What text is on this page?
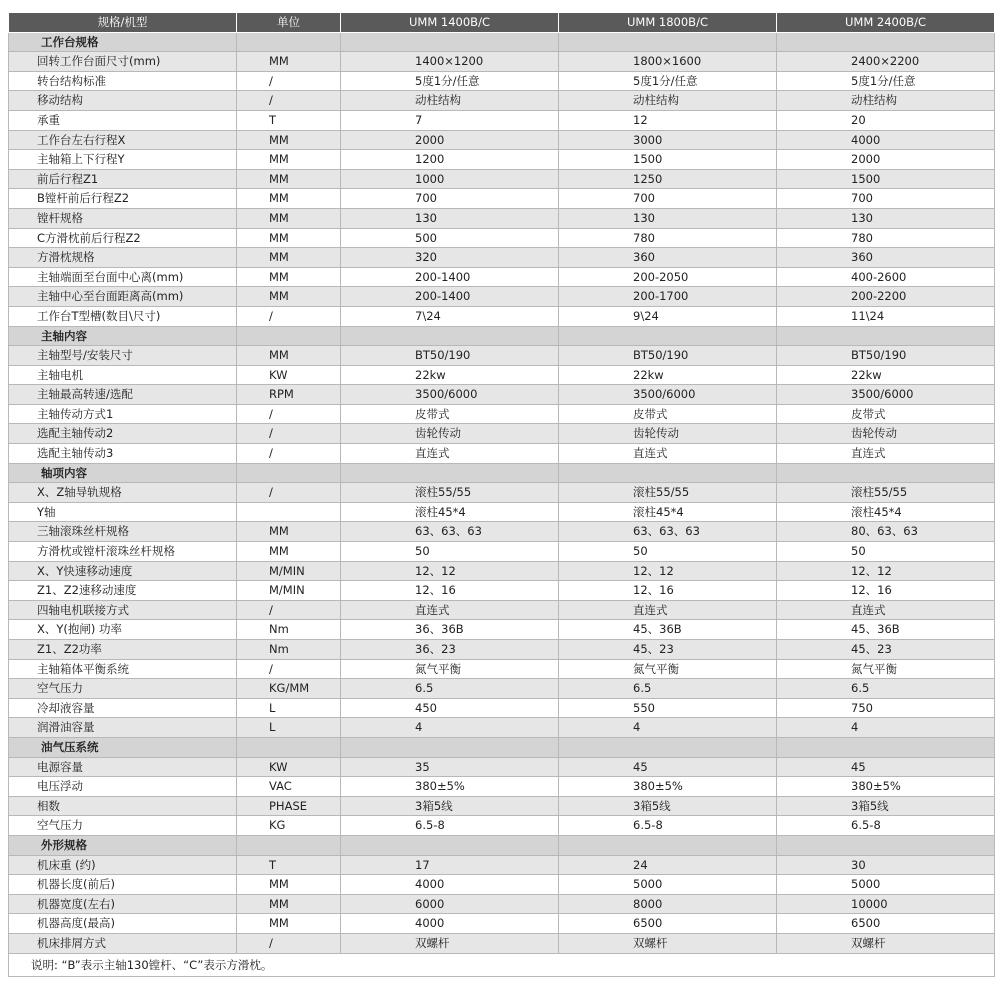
规格/机型	单位	UMM 1400B/C	UMM 1800B/C	UMM 2400B/C
工作台规格				
回转工作台面尺寸(mm)	MM	1400×1200	1800×1600	2400×2200
转台结构标准	/	5度1分/任意	5度1分/任意	5度1分/任意
移动结构	/	动柱结构	动柱结构	动柱结构
承重	T	7	12	20
工作台左右行程X	MM	2000	3000	4000
主轴箱上下行程Y	MM	1200	1500	2000
前后行程Z1	MM	1000	1250	1500
B镗杆前后行程Z2	MM	700	700	700
镗杆规格	MM	130	130	130
C方滑枕前后行程Z2	MM	500	780	780
方滑枕规格	MM	320	360	360
主轴端面至台面中心离(mm)	MM	200-1400	200-2050	400-2600
主轴中心至台面距离高(mm)	MM	200-1400	200-1700	200-2200
工作台T型槽(数目\尺寸)	/	7\24	9\24	11\24
主轴内容				
主轴型号/安装尺寸	MM	BT50/190	BT50/190	BT50/190
主轴电机	KW	22kw	22kw	22kw
主轴最高转速/选配	RPM	3500/6000	3500/6000	3500/6000
主轴传动方式1	/	皮带式	皮带式	皮带式
选配主轴传动2	/	齿轮传动	齿轮传动	齿轮传动
选配主轴传动3	/	直连式	直连式	直连式
轴项内容				
X、Z轴导轨规格	/	滚柱55/55	滚柱55/55	滚柱55/55
Y轴		滚柱45*4	滚柱45*4	滚柱45*4
三轴滚珠丝杆规格	MM	63、63、63	63、63、63	80、63、63
方滑枕或镗杆滚珠丝杆规格	MM	50	50	50
X、Y快速移动速度	M/MIN	12、12	12、12	12、12
Z1、Z2速移动速度	M/MIN	12、16	12、16	12、16
四轴电机联接方式	/	直连式	直连式	直连式
X、Y(抱闸) 功率	Nm	36、36B	45、36B	45、36B
Z1、Z2功率	Nm	36、23	45、23	45、23
主轴箱体平衡系统	/	氮气平衡	氮气平衡	氮气平衡
空气压力	KG/MM	6.5	6.5	6.5
冷却液容量	L	450	550	750
润滑油容量	L	4	4	4
油气压系统				
电源容量	KW	35	45	45
电压浮动	VAC	380±5%	380±5%	380±5%
相数	PHASE	3箱5线	3箱5线	3箱5线
空气压力	KG	6.5-8	6.5-8	6.5-8
外形规格				
机床重 (约)	T	17	24	30
机器长度(前后)	MM	4000	5000	5000
机器宽度(左右)	MM	6000	8000	10000
机器高度(最高)	MM	4000	6500	6500
机床排屑方式	/	双螺杆	双螺杆	双螺杆
说明: “B”表示主轴130镗杆、“C”表示方滑枕。				
